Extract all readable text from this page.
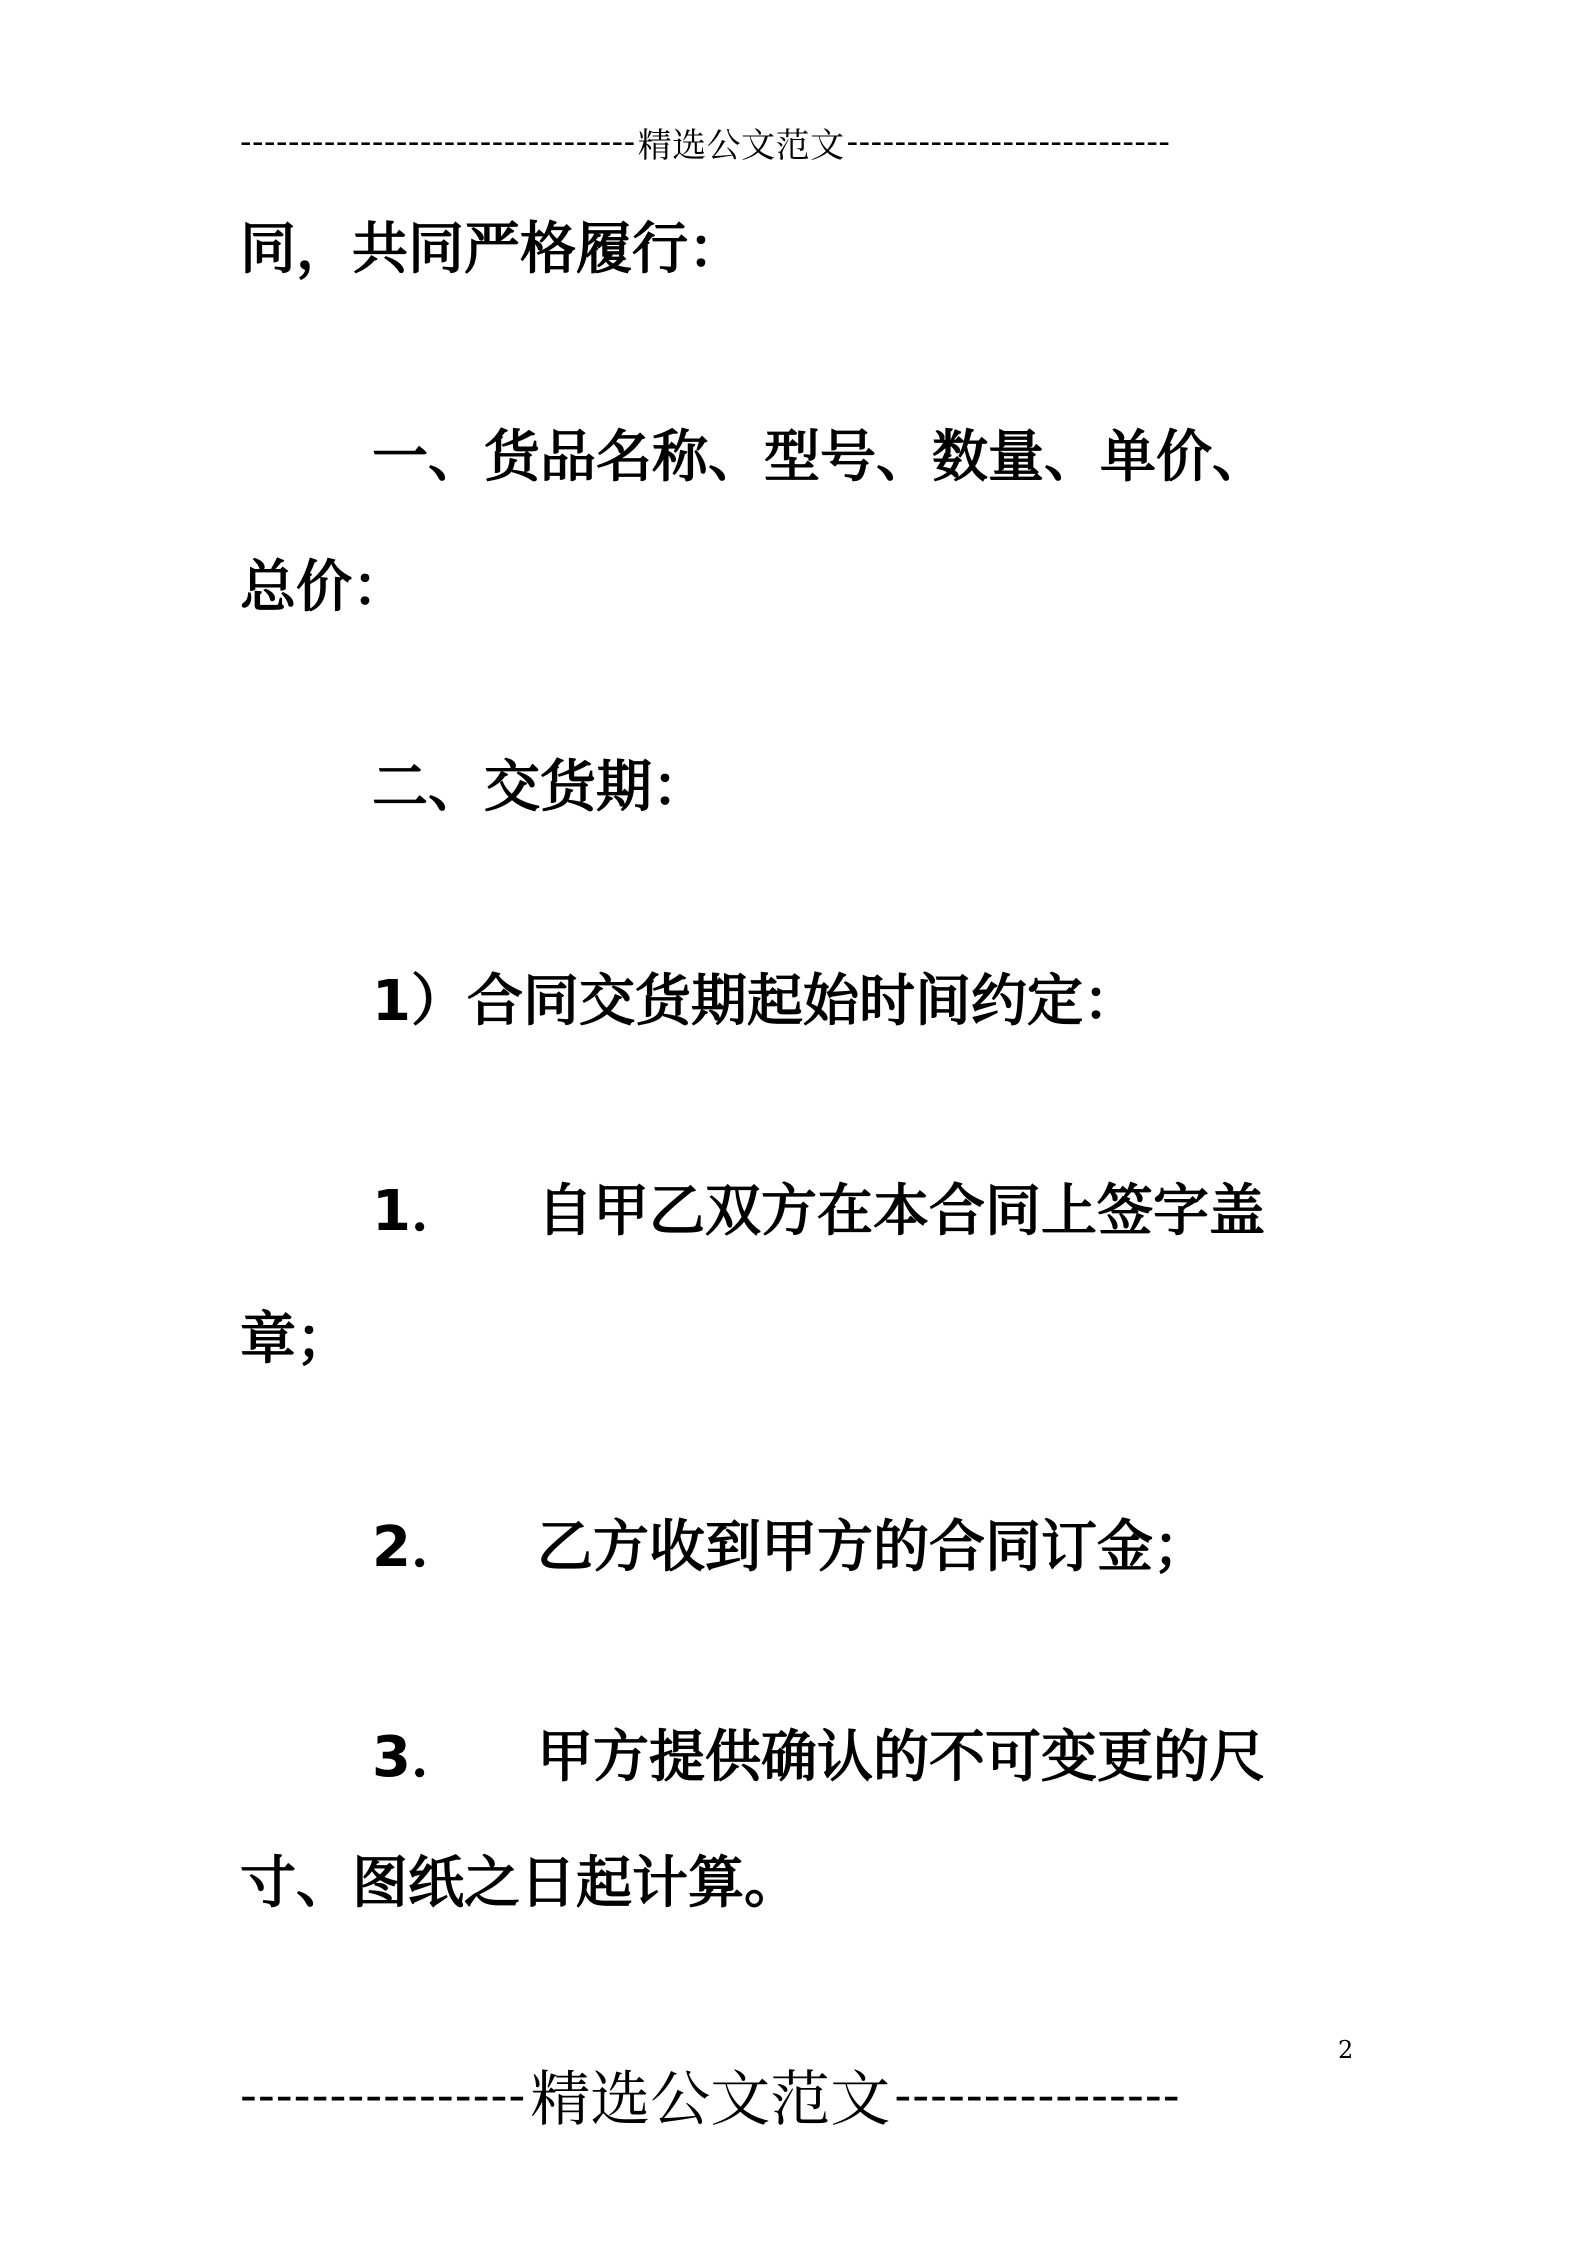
--------------------------------- 精选公文范文 ---------------------------
同，共同严格履行：
一、货品名称、型号、数量、单价、
总价：
二、交货期：
1）合同交货期起始时间约定：
1． 自甲乙双方在本合同上签字盖
章；
2． 乙方收到甲方的合同订金；
3． 甲方提供确认的不可变更的尺
寸、图纸之日起计算。
2
---------------- 精选公文范文 ----------------
